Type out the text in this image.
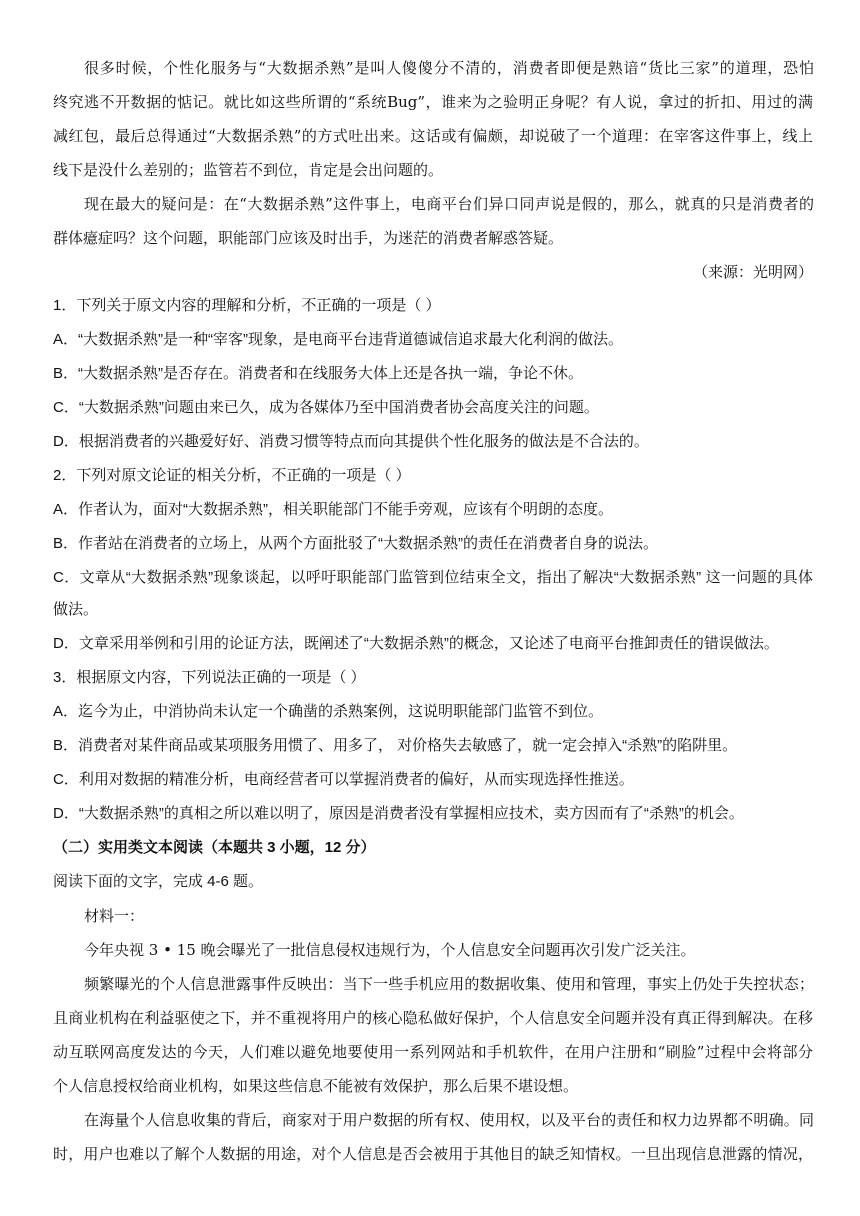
很多时候，个性化服务与“大数据杀熟”是叫人傻傻分不清的，消费者即便是熟谙“货比三家”的道理，恐怕
终究逃不开数据的惦记。就比如这些所谓的“系统Bug”，谁来为之验明正身呢？有人说，拿过的折扣、用过的满
减红包，最后总得通过“大数据杀熟”的方式吐出来。这话或有偏颇，却说破了一个道理：在宰客这件事上，线上
线下是没什么差别的；监管若不到位，肯定是会出问题的。
现在最大的疑问是：在“大数据杀熟”这件事上，电商平台们异口同声说是假的，那么，就真的只是消费者的
群体癔症吗？这个问题，职能部门应该及时出手，为迷茫的消费者解惑答疑。
（来源：光明网）
1．下列关于原文内容的理解和分析，不正确的一项是（ ）
A．“大数据杀熟”是一种“宰客”现象，是电商平台违背道德诚信追求最大化利润的做法。
B．“大数据杀熟”是否存在。消费者和在线服务大体上还是各执一端，争论不休。
C．“大数据杀熟”问题由来已久，成为各媒体乃至中国消费者协会高度关注的问题。
D．根据消费者的兴趣爱好好、消费习惯等特点而向其提供个性化服务的做法是不合法的。
2．下列对原文论证的相关分析，不正确的一项是（ ）
A．作者认为，面对“大数据杀熟”，相关职能部门不能手旁观，应该有个明朗的态度。
B．作者站在消费者的立场上，从两个方面批驳了“大数据杀熟”的责任在消费者自身的说法。
C．文章从“大数据杀熟”现象谈起，以呼吁职能部门监管到位结束全文，指出了解决“大数据杀熟” 这一问题的具体
做法。
D．文章采用举例和引用的论证方法，既阐述了“大数据杀熟”的概念，又论述了电商平台推卸责任的错误做法。
3．根据原文内容，下列说法正确的一项是（ ）
A．迄今为止，中消协尚未认定一个确凿的杀熟案例，这说明职能部门监管不到位。
B．消费者对某件商品或某项服务用惯了、用多了， 对价格失去敏感了，就一定会掉入“杀熟”的陷阱里。
C．利用对数据的精准分析，电商经营者可以掌握消费者的偏好，从而实现选择性推送。
D．“大数据杀熟”的真相之所以难以明了，原因是消费者没有掌握相应技术，卖方因而有了“杀熟”的机会。
（二）实用类文本阅读（本题共 3 小题，12 分）
阅读下面的文字，完成 4-6 题。
材料一：
今年央视 3 • 15 晚会曝光了一批信息侵权违规行为，个人信息安全问题再次引发广泛关注。
频繁曝光的个人信息泄露事件反映出：当下一些手机应用的数据收集、使用和管理，事实上仍处于失控状态；
且商业机构在利益驱使之下，并不重视将用户的核心隐私做好保护，个人信息安全问题并没有真正得到解决。在移
动互联网高度发达的今天，人们难以避免地要使用一系列网站和手机软件，在用户注册和“刷脸”过程中会将部分
个人信息授权给商业机构，如果这些信息不能被有效保护，那么后果不堪设想。
在海量个人信息收集的背后，商家对于用户数据的所有权、使用权，以及平台的责任和权力边界都不明确。同
时，用户也难以了解个人数据的用途，对个人信息是否会被用于其他目的缺乏知情权。一旦出现信息泄露的情况，
